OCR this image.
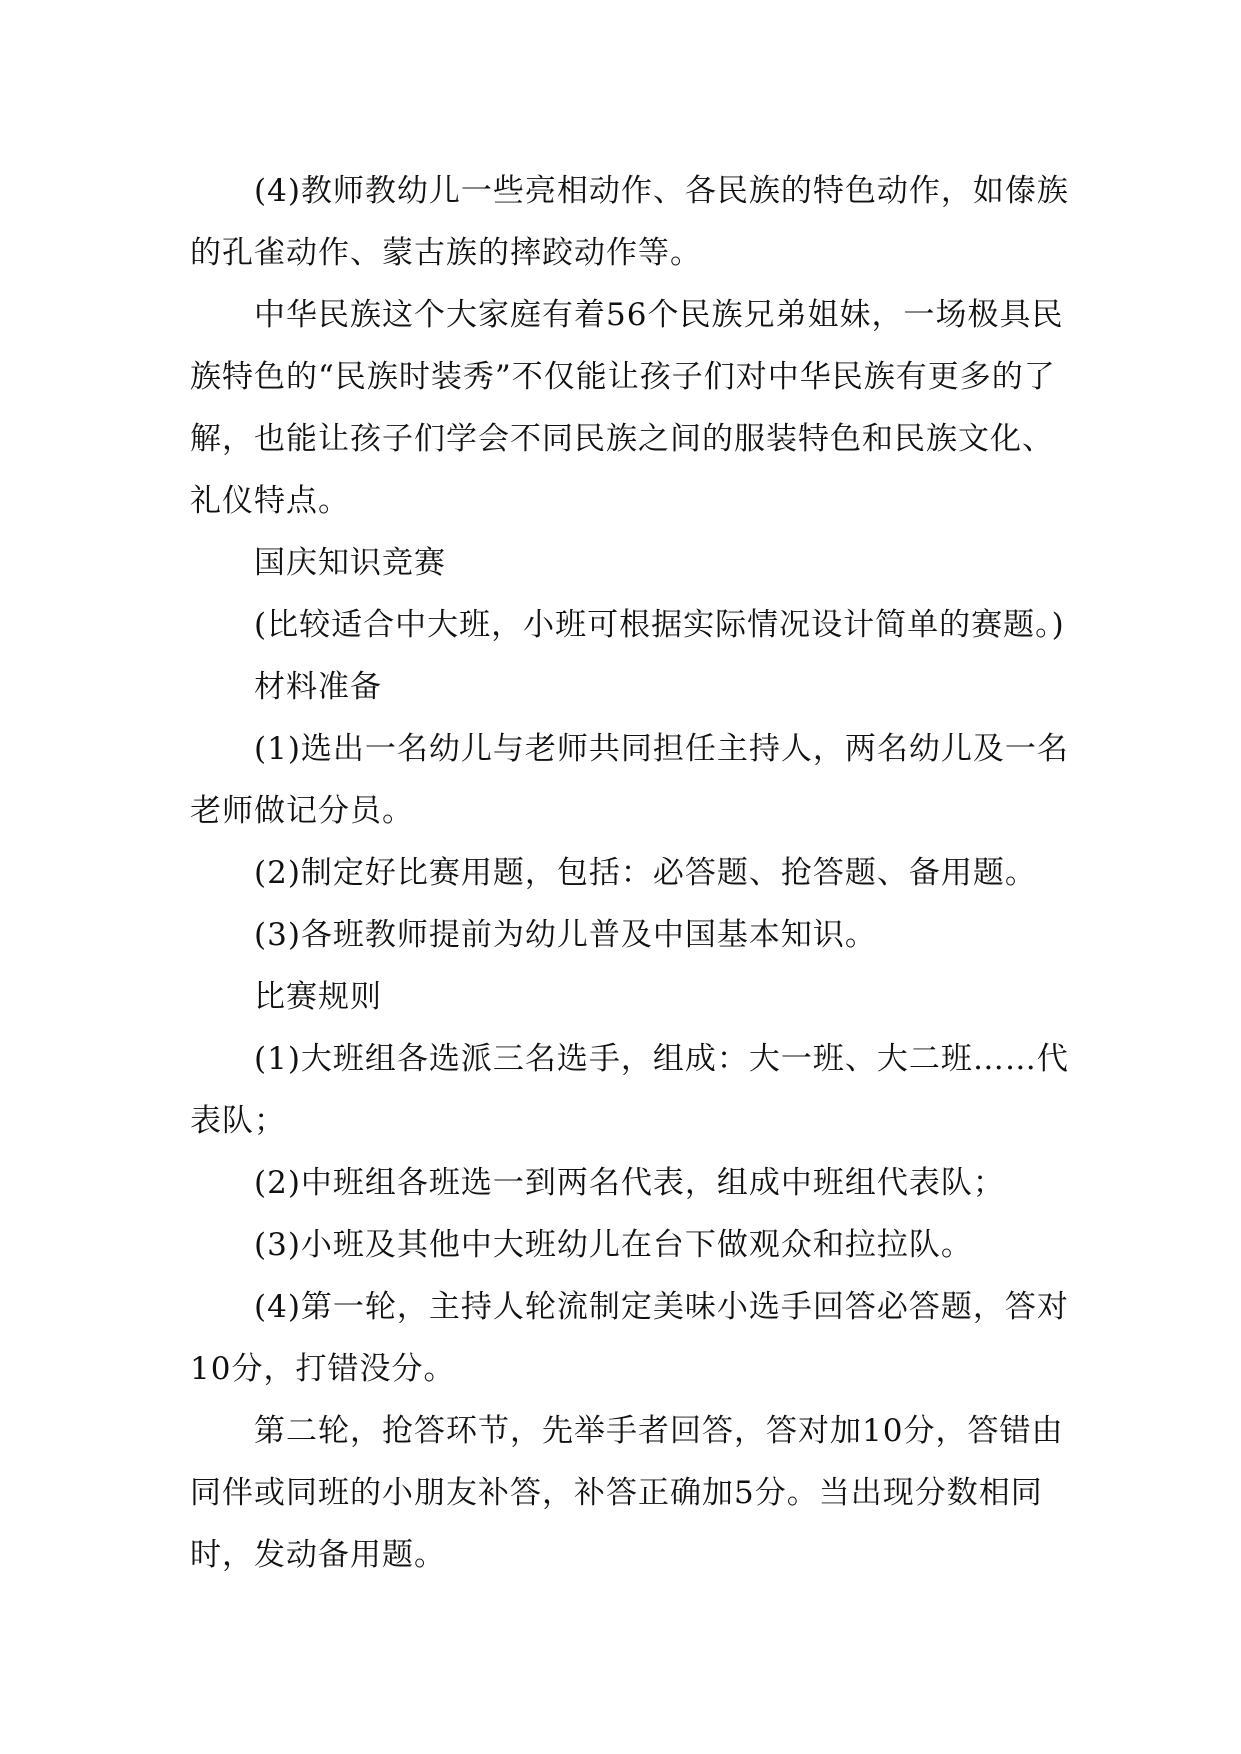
(4)教师教幼儿一些亮相动作、各民族的特色动作，如傣族的孔雀动作、蒙古族的摔跤动作等。

中华民族这个大家庭有着56个民族兄弟姐妹，一场极具民族特色的“民族时装秀”不仅能让孩子们对中华民族有更多的了解，也能让孩子们学会不同民族之间的服装特色和民族文化、礼仪特点。

国庆知识竞赛

(比较适合中大班，小班可根据实际情况设计简单的赛题。)

材料准备

(1)选出一名幼儿与老师共同担任主持人，两名幼儿及一名老师做记分员。

(2)制定好比赛用题，包括：必答题、抢答题、备用题。

(3)各班教师提前为幼儿普及中国基本知识。

比赛规则

(1)大班组各选派三名选手，组成：大一班、大二班……代表队；

(2)中班组各班选一到两名代表，组成中班组代表队；

(3)小班及其他中大班幼儿在台下做观众和拉拉队。

(4)第一轮，主持人轮流制定美味小选手回答必答题，答对10分，打错没分。

第二轮，抢答环节，先举手者回答，答对加10分，答错由同伴或同班的小朋友补答，补答正确加5分。当出现分数相同时，发动备用题。
